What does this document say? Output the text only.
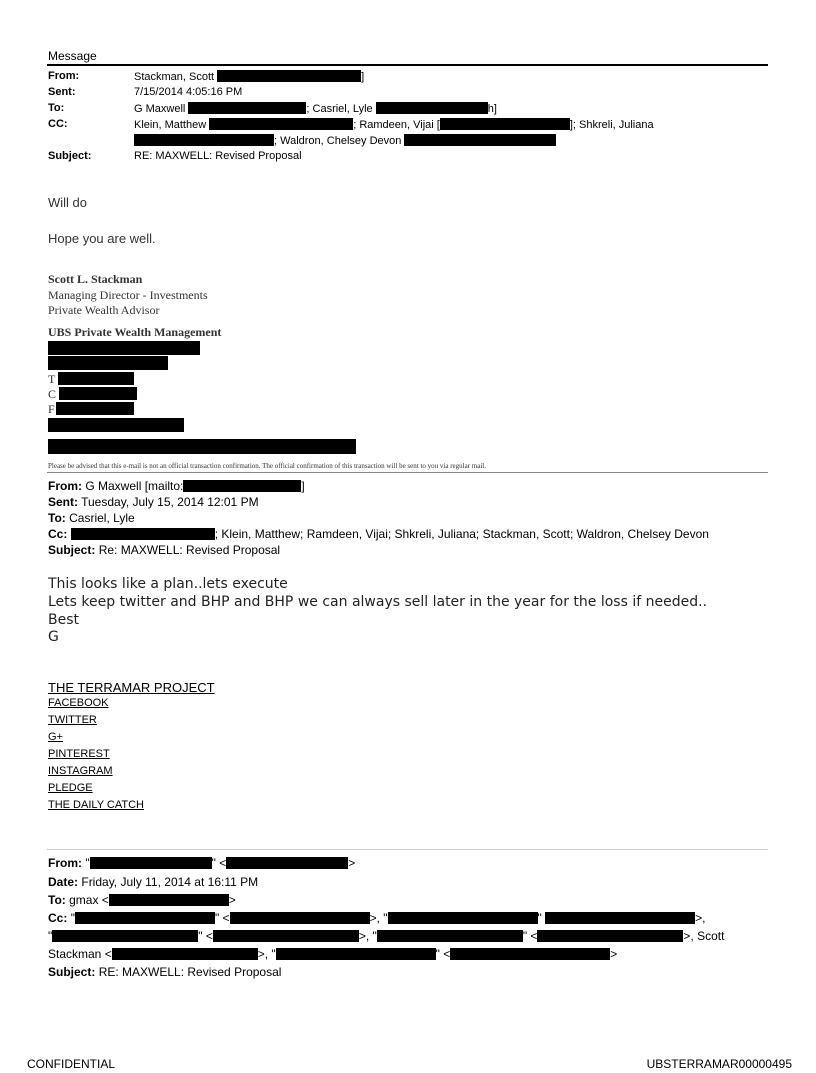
Message
From:	Stackman, Scott	]
Sent:	7/15/2014 4:05:16 PM
To:	G Maxwell	; Casriel, Lyle	h]
CC:	Klein, Matthew	; Ramdeen, Vijai [	]; Shkreli, Juliana
; Waldron, Chelsey Devon
Subject:	RE: MAXWELL: Revised Proposal
Will do
Hope you are well.
Scott L. Stackman
Managing Director - Investments
Private Wealth Advisor
UBS Private Wealth Management
T
C
F
Please be advised that this e-mail is not an official transaction confirmation. The official confirmation of this transaction will be sent to you via regular mail.
From: G Maxwell [mailto:	]
Sent: Tuesday, July 15, 2014 12:01 PM
To: Casriel, Lyle
Cc:	; Klein, Matthew; Ramdeen, Vijai; Shkreli, Juliana; Stackman, Scott; Waldron, Chelsey Devon
Subject: Re: MAXWELL: Revised Proposal
This looks like a plan..lets execute
Lets keep twitter and BHP and BHP we can always sell later in the year for the loss if needed..
Best
G
THE TERRAMAR PROJECT
FACEBOOK
TWITTER
G+
PINTEREST
INSTAGRAM
PLEDGE
THE DAILY CATCH
From: "	" <	>
Date: Friday, July 11, 2014 at 16:11 PM
To: gmax <	>
Cc: "	" <	>, "	"	>,
"	" <	>, "	" <	>, Scott
Stackman <	>, "	" <	>
Subject: RE: MAXWELL: Revised Proposal
CONFIDENTIAL	UBSTERRAMAR00000495
